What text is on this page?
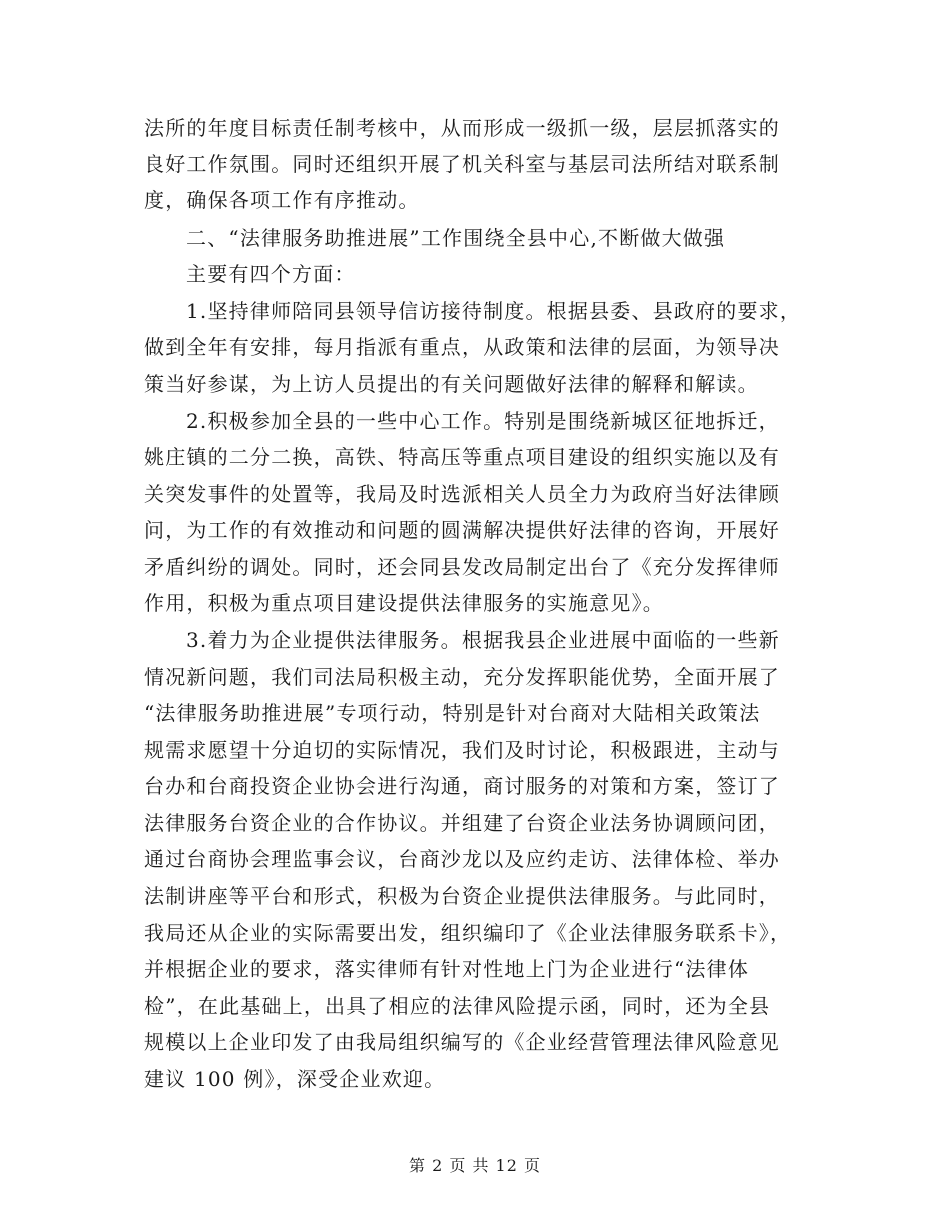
法所的年度目标责任制考核中，从而形成一级抓一级，层层抓落实的
良好工作氛围。同时还组织开展了机关科室与基层司法所结对联系制
度，确保各项工作有序推动。
二、“法律服务助推进展”工作围绕全县中心,不断做大做强
主要有四个方面：
1.坚持律师陪同县领导信访接待制度。根据县委、县政府的要求，
做到全年有安排，每月指派有重点，从政策和法律的层面，为领导决
策当好参谋，为上访人员提出的有关问题做好法律的解释和解读。
2.积极参加全县的一些中心工作。特别是围绕新城区征地拆迁，
姚庄镇的二分二换，高铁、特高压等重点项目建设的组织实施以及有
关突发事件的处置等，我局及时选派相关人员全力为政府当好法律顾
问，为工作的有效推动和问题的圆满解决提供好法律的咨询，开展好
矛盾纠纷的调处。同时，还会同县发改局制定出台了《充分发挥律师
作用，积极为重点项目建设提供法律服务的实施意见》。
3.着力为企业提供法律服务。根据我县企业进展中面临的一些新
情况新问题，我们司法局积极主动，充分发挥职能优势，全面开展了
“法律服务助推进展”专项行动，特别是针对台商对大陆相关政策法
规需求愿望十分迫切的实际情况，我们及时讨论，积极跟进，主动与
台办和台商投资企业协会进行沟通，商讨服务的对策和方案，签订了
法律服务台资企业的合作协议。并组建了台资企业法务协调顾问团，
通过台商协会理监事会议，台商沙龙以及应约走访、法律体检、举办
法制讲座等平台和形式，积极为台资企业提供法律服务。与此同时，
我局还从企业的实际需要出发，组织编印了《企业法律服务联系卡》，
并根据企业的要求，落实律师有针对性地上门为企业进行“法律体
检”，在此基础上，出具了相应的法律风险提示函，同时，还为全县
规模以上企业印发了由我局组织编写的《企业经营管理法律风险意见
建议 100 例》，深受企业欢迎。
第 2 页 共 12 页
